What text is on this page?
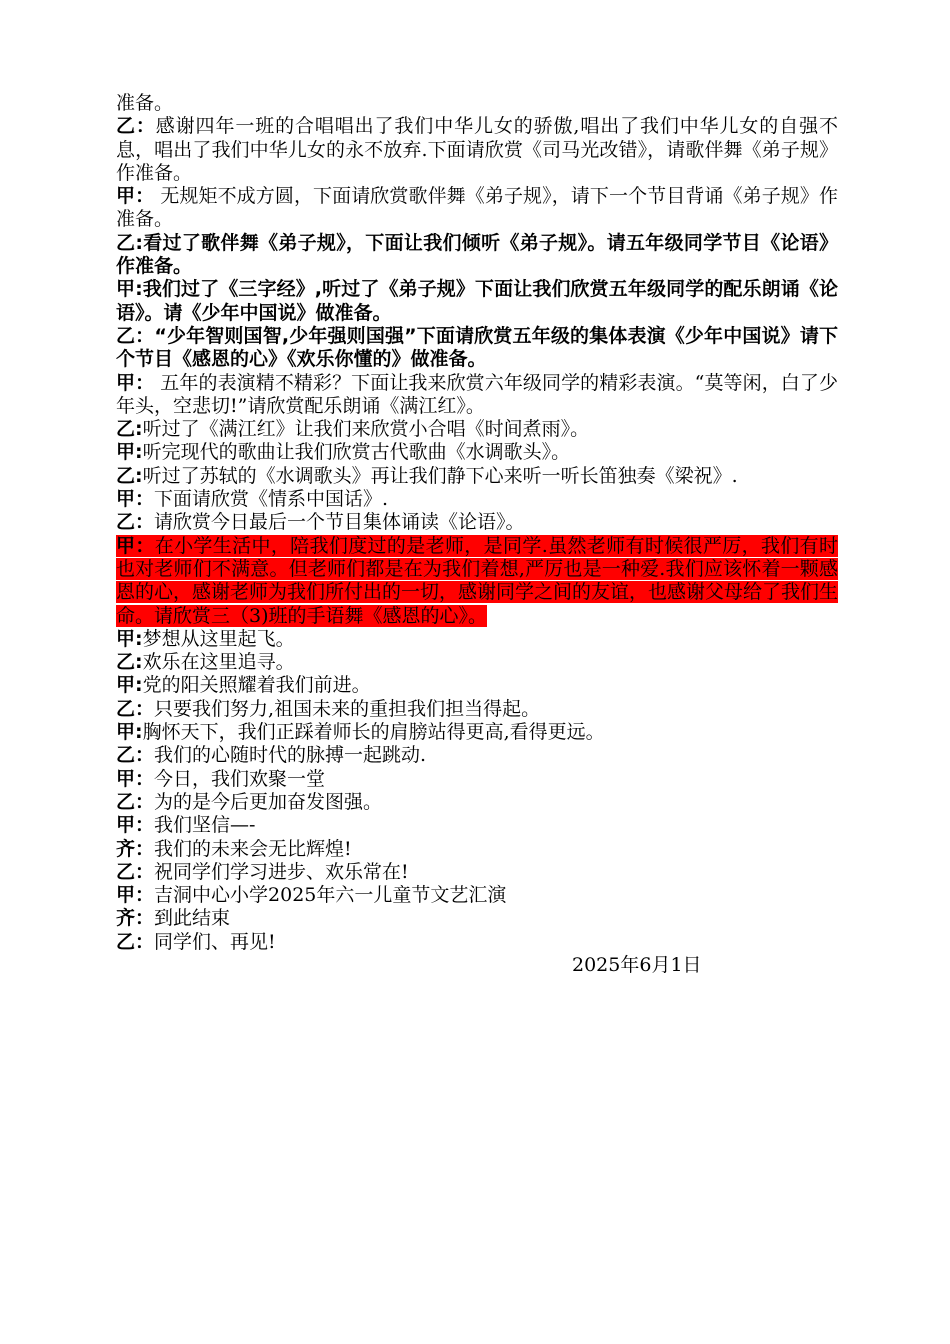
准备。

乙：感谢四年一班的合唱唱出了我们中华儿女的骄傲,唱出了我们中华儿女的自强不息，唱出了我们中华儿女的永不放弃.下面请欣赏《司马光改错》，请歌伴舞《弟子规》作准备。

甲： 无规矩不成方圆，下面请欣赏歌伴舞《弟子规》，请下一个节目背诵《弟子规》作准备。

乙:看过了歌伴舞《弟子规》，下面让我们倾听《弟子规》。请五年级同学节目《论语》作准备。

甲:我们过了《三字经》,听过了《弟子规》下面让我们欣赏五年级同学的配乐朗诵《论语》。请《少年中国说》做准备。

乙：“少年智则国智,少年强则国强”下面请欣赏五年级的集体表演《少年中国说》请下个节目《感恩的心》《欢乐你懂的》做准备。

甲： 五年的表演精不精彩？下面让我来欣赏六年级同学的精彩表演。“莫等闲，白了少年头，空悲切!”请欣赏配乐朗诵《满江红》。

乙:听过了《满江红》让我们来欣赏小合唱《时间煮雨》。

甲:听完现代的歌曲让我们欣赏古代歌曲《水调歌头》。

乙:听过了苏轼的《水调歌头》再让我们静下心来听一听长笛独奏《梁祝》.

甲：下面请欣赏《情系中国话》.

乙：请欣赏今日最后一个节目集体诵读《论语》。

甲：在小学生活中，陪我们度过的是老师，是同学.虽然老师有时候很严厉，我们有时也对老师们不满意。但老师们都是在为我们着想,严厉也是一种爱.我们应该怀着一颗感恩的心，感谢老师为我们所付出的一切，感谢同学之间的友谊，也感谢父母给了我们生命。请欣赏三（3)班的手语舞《感恩的心》。

甲:梦想从这里起飞。

乙:欢乐在这里追寻。

甲:党的阳关照耀着我们前进。

乙：只要我们努力,祖国未来的重担我们担当得起。

甲:胸怀天下，我们正踩着师长的肩膀站得更高,看得更远。

乙：我们的心随时代的脉搏一起跳动.

甲：今日，我们欢聚一堂

乙：为的是今后更加奋发图强。

甲：我们坚信—-

齐：我们的未来会无比辉煌!

乙：祝同学们学习进步、欢乐常在!

甲：吉洞中心小学2025年六一儿童节文艺汇演

齐：到此结束

乙：同学们、再见!

2025年6月1日
